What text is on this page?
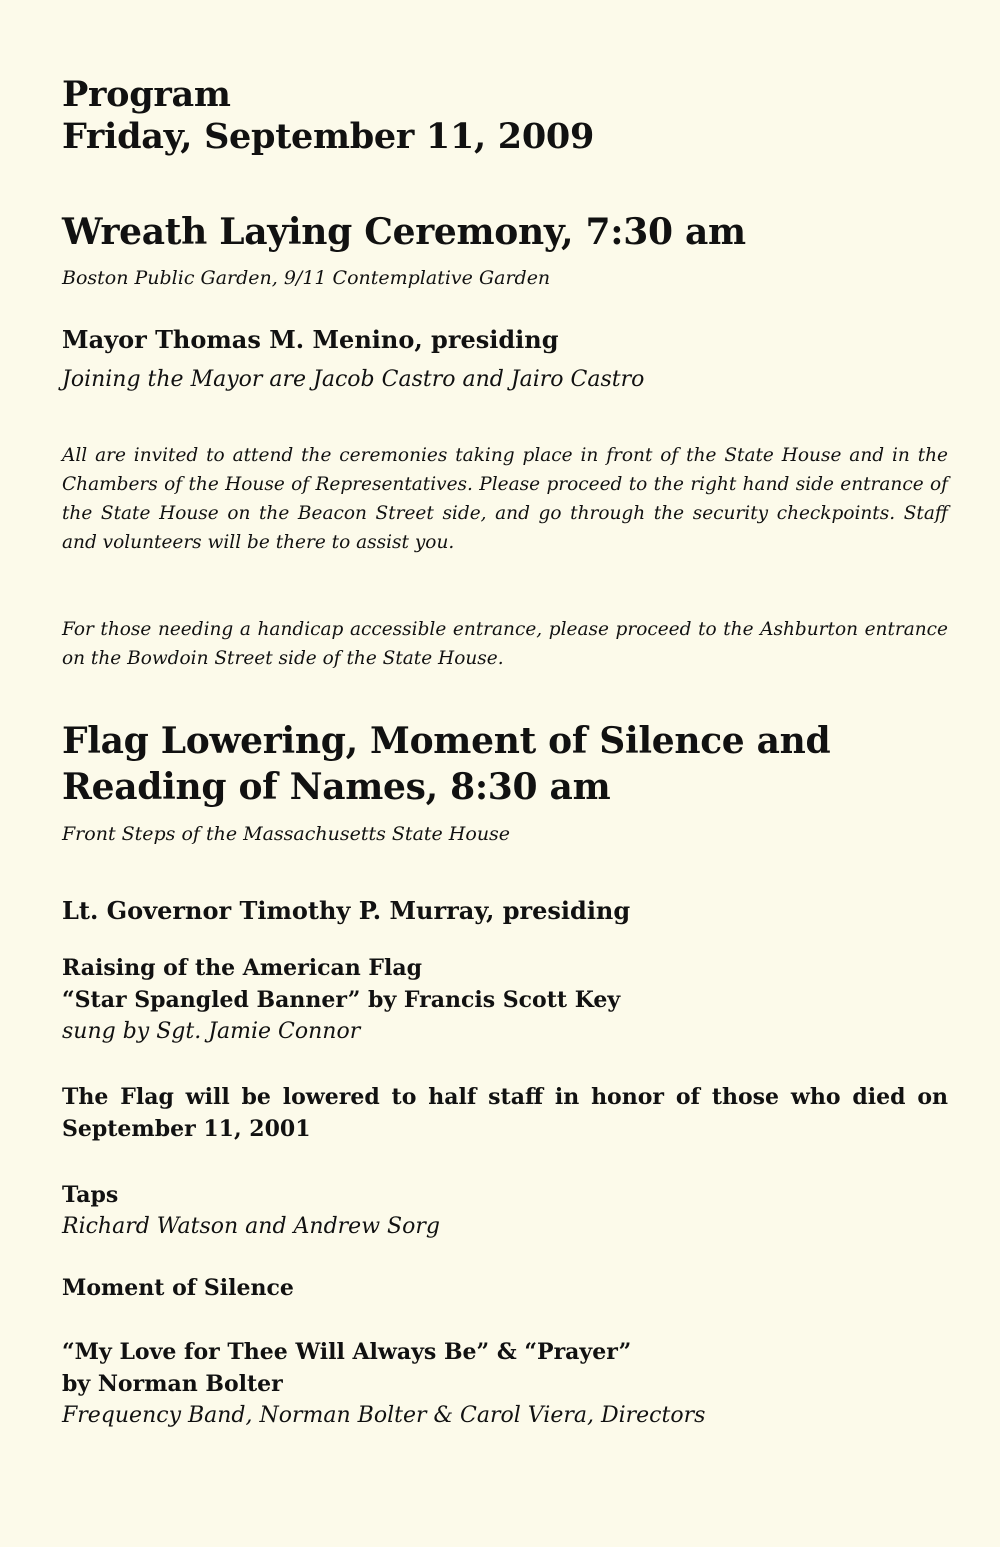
Program
Friday, September 11, 2009
Wreath Laying Ceremony, 7:30 am

Boston Public Garden, 9/11 Contemplative Garden

Mayor Thomas M. Menino, presiding

Joining the Mayor are Jacob Castro and Jairo Castro

All are invited to attend the ceremonies taking place in front of the State House and in the Chambers of the House of Representatives. Please proceed to the right hand side entrance of the State House on the Beacon Street side, and go through the security checkpoints. Staff and volunteers will be there to assist you.

For those needing a handicap accessible entrance, please proceed to the Ashburton entrance on the Bowdoin Street side of the State House.

Flag Lowering, Moment of Silence and
Reading of Names, 8:30 am

Front Steps of the Massachusetts State House

Lt. Governor Timothy P. Murray, presiding

Raising of the American Flag
“Star Spangled Banner” by Francis Scott Key
sung by Sgt. Jamie Connor

The Flag will be lowered to half staff in honor of those who died on September 11, 2001

Taps
Richard Watson and Andrew Sorg

Moment of Silence

“My Love for Thee Will Always Be” & “Prayer”
by Norman Bolter
Frequency Band, Norman Bolter & Carol Viera, Directors
